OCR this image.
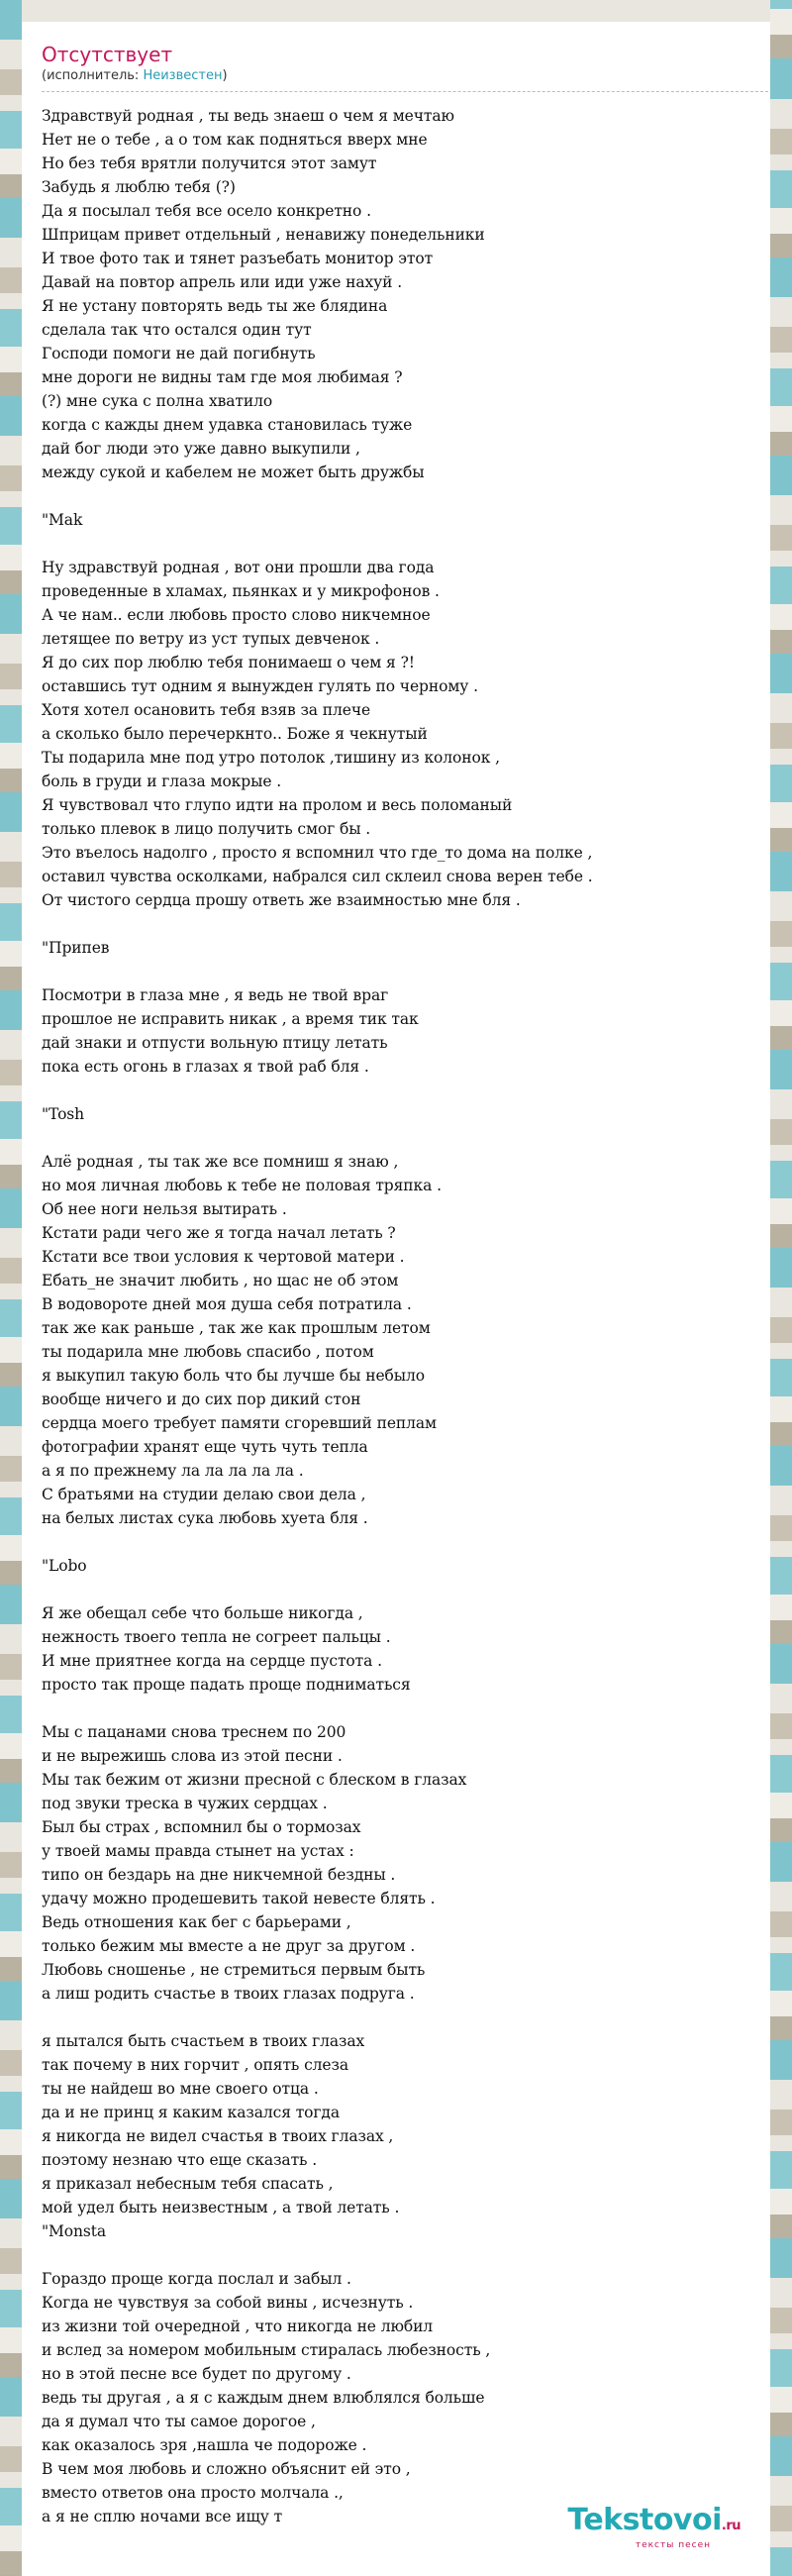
Отсутствует
(исполнитель: Неизвестен)
Здравствуй родная , ты ведь знаеш о чем я мечтаю
Нет не о тебе , а о том как подняться вверх мне
Но без тебя врятли получится этот замут
Забудь я люблю тебя (?)
Да я посылал тебя все осело конкретно .
Шприцам привет отдельный , ненавижу понедельники
И твое фото так и тянет разъебать монитор этот
Давай на повтор апрель или иди уже нахуй .
Я не устану повторять ведь ты же блядина
сделала так что остался один тут
Господи помоги не дай погибнуть
мне дороги не видны там где моя любимая ?
(?) мне сука с полна хватило
когда с кажды днем удавка становилась туже
дай бог люди это уже давно выкупили ,
между сукой и кабелем не может быть дружбы

"Mak

Ну здравствуй родная , вот они прошли два года
проведенные в хламах, пьянках и у микрофонов .
А че нам.. если любовь просто слово никчемное
летящее по ветру из уст тупых девченок .
Я до сих пор люблю тебя понимаеш о чем я ?!
оставшись тут одним я вынужден гулять по черному .
Хотя хотел осановить тебя взяв за плече
а сколько было перечеркнто.. Боже я чекнутый
Ты подарила мне под утро потолок ,тишину из колонок ,
боль в груди и глаза мокрые .
Я чувствовал что глупо идти на пролом и весь поломаный
только плевок в лицо получить смог бы .
Это въелось надолго , просто я вспомнил что где_то дома на полке ,
оставил чувства осколками, набрался сил склеил снова верен тебе .
От чистого сердца прошу ответь же взаимностью мне бля .

"Припев

Посмотри в глаза мне , я ведь не твой враг
прошлое не исправить никак , а время тик так
дай знаки и отпусти вольную птицу летать
пока есть огонь в глазах я твой раб бля .

"Tosh

Алё родная , ты так же все помниш я знаю ,
но моя личная любовь к тебе не половая тряпка .
Об нее ноги нельзя вытирать .
Кстати ради чего же я тогда начал летать ?
Кстати все твои условия к чертовой матери .
Ебать_не значит любить , но щас не об этом
В водовороте дней моя душа себя потратила .
так же как раньше , так же как прошлым летом
ты подарила мне любовь спасибо , потом
я выкупил такую боль что бы лучше бы небыло
вообще ничего и до сих пор дикий стон
сердца моего требует памяти сгоревший пеплам
фотографии хранят еще чуть чуть тепла
а я по прежнему ла ла ла ла ла .
С братьями на студии делаю свои дела ,
на белых листах сука любовь хуета бля .

"Lobo

Я же обещал себе что больше никогда ,
нежность твоего тепла не согреет пальцы .
И мне приятнее когда на сердце пустота .
просто так проще падать проще подниматься

Мы с пацанами снова треснем по 200
и не вырежишь слова из этой песни .
Мы так бежим от жизни пресной с блеском в глазах
под звуки треска в чужих сердцах .
Был бы страх , вспомнил бы о тормозах
у твоей мамы правда стынет на устах :
типо он бездарь на дне никчемной бездны .
удачу можно продешевить такой невесте блять .
Ведь отношения как бег с барьерами ,
только бежим мы вместе а не друг за другом .
Любовь сношенье , не стремиться первым быть
а лиш родить счастье в твоих глазах подруга .

я пытался быть счастьем в твоих глазах
так почему в них горчит , опять слеза
ты не найдеш во мне своего отца .
да и не принц я каким казался тогда
я никогда не видел счастья в твоих глазах ,
поэтому незнаю что еще сказать .
я приказал небесным тебя спасать ,
мой удел быть неизвестным , а твой летать .
"Monsta

Гораздо проще когда послал и забыл .
Когда не чувствуя за собой вины , исчезнуть .
из жизни той очередной , что никогда не любил
и вслед за номером мобильным стиралась любезность ,
но в этой песне все будет по другому .
ведь ты другая , а я с каждым днем влюблялся больше
да я думал что ты самое дорогое ,
как оказалось зря ,нашла че подороже .
В чем моя любовь и сложно объяснит ей это ,
вместо ответов она просто молчала .,
а я не сплю ночами все ищу т	Tekstovoi.ru
тексты песен
